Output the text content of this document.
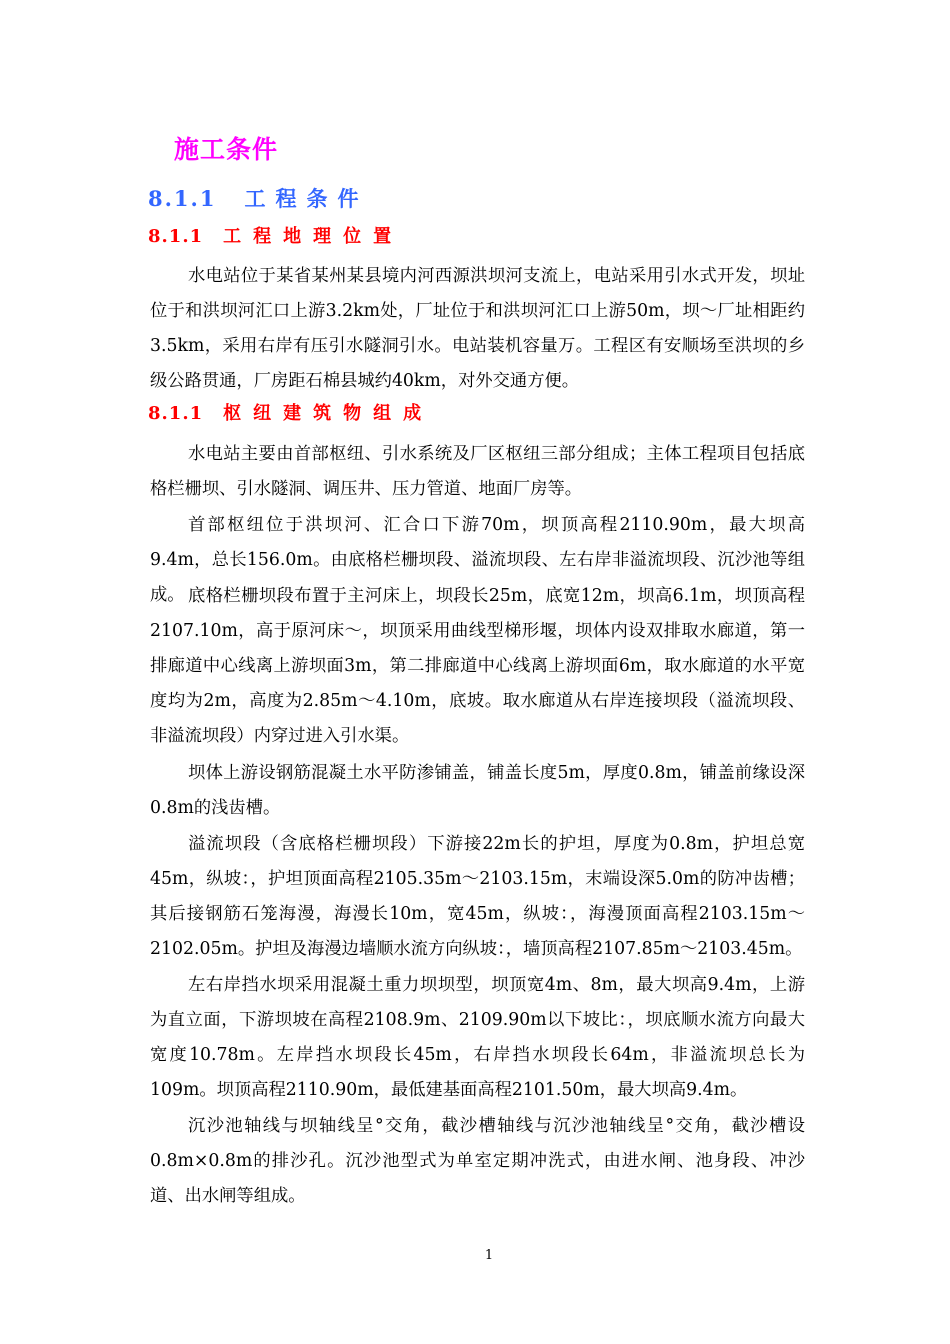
施工条件
8.1.1 工程条件
8.1.1 工程地理位置

水电站位于某省某州某县境内河西源洪坝河支流上，电站采用引水式开发，坝址位于和洪坝河汇口上游3.2km处，厂址位于和洪坝河汇口上游50m，坝～厂址相距约3.5km，采用右岸有压引水隧洞引水。电站装机容量万。工程区有安顺场至洪坝的乡级公路贯通，厂房距石棉县城约40km，对外交通方便。

8.1.1 枢纽建筑物组成

水电站主要由首部枢纽、引水系统及厂区枢纽三部分组成；主体工程项目包括底格栏栅坝、引水隧洞、调压井、压力管道、地面厂房等。

首部枢纽位于洪坝河、汇合口下游70m，坝顶高程2110.90m，最大坝高9.4m，总长156.0m。由底格栏栅坝段、溢流坝段、左右岸非溢流坝段、沉沙池等组成。 底格栏栅坝段布置于主河床上，坝段长25m，底宽12m，坝高6.1m，坝顶高程2107.10m，高于原河床～，坝顶采用曲线型梯形堰，坝体内设双排取水廊道，第一排廊道中心线离上游坝面3m，第二排廊道中心线离上游坝面6m，取水廊道的水平宽度均为2m，高度为2.85m～4.10m，底坡。取水廊道从右岸连接坝段（溢流坝段、非溢流坝段）内穿过进入引水渠。

坝体上游设钢筋混凝土水平防渗铺盖，铺盖长度5m，厚度0.8m，铺盖前缘设深0.8m的浅齿槽。

溢流坝段（含底格栏栅坝段）下游接22m长的护坦，厚度为0.8m，护坦总宽45m，纵坡：，护坦顶面高程2105.35m～2103.15m，末端设深5.0m的防冲齿槽；其后接钢筋石笼海漫，海漫长10m，宽45m，纵坡：，海漫顶面高程2103.15m～2102.05m。护坦及海漫边墙顺水流方向纵坡：，墙顶高程2107.85m～2103.45m。

左右岸挡水坝采用混凝土重力坝坝型，坝顶宽4m、8m，最大坝高9.4m，上游为直立面，下游坝坡在高程2108.9m、2109.90m以下坡比：，坝底顺水流方向最大宽度10.78m。左岸挡水坝段长45m，右岸挡水坝段长64m，非溢流坝总长为109m。坝顶高程2110.90m，最低建基面高程2101.50m，最大坝高9.4m。

沉沙池轴线与坝轴线呈°交角，截沙槽轴线与沉沙池轴线呈°交角，截沙槽设0.8m×0.8m的排沙孔。沉沙池型式为单室定期冲洗式，由进水闸、池身段、冲沙道、出水闸等组成。

1
